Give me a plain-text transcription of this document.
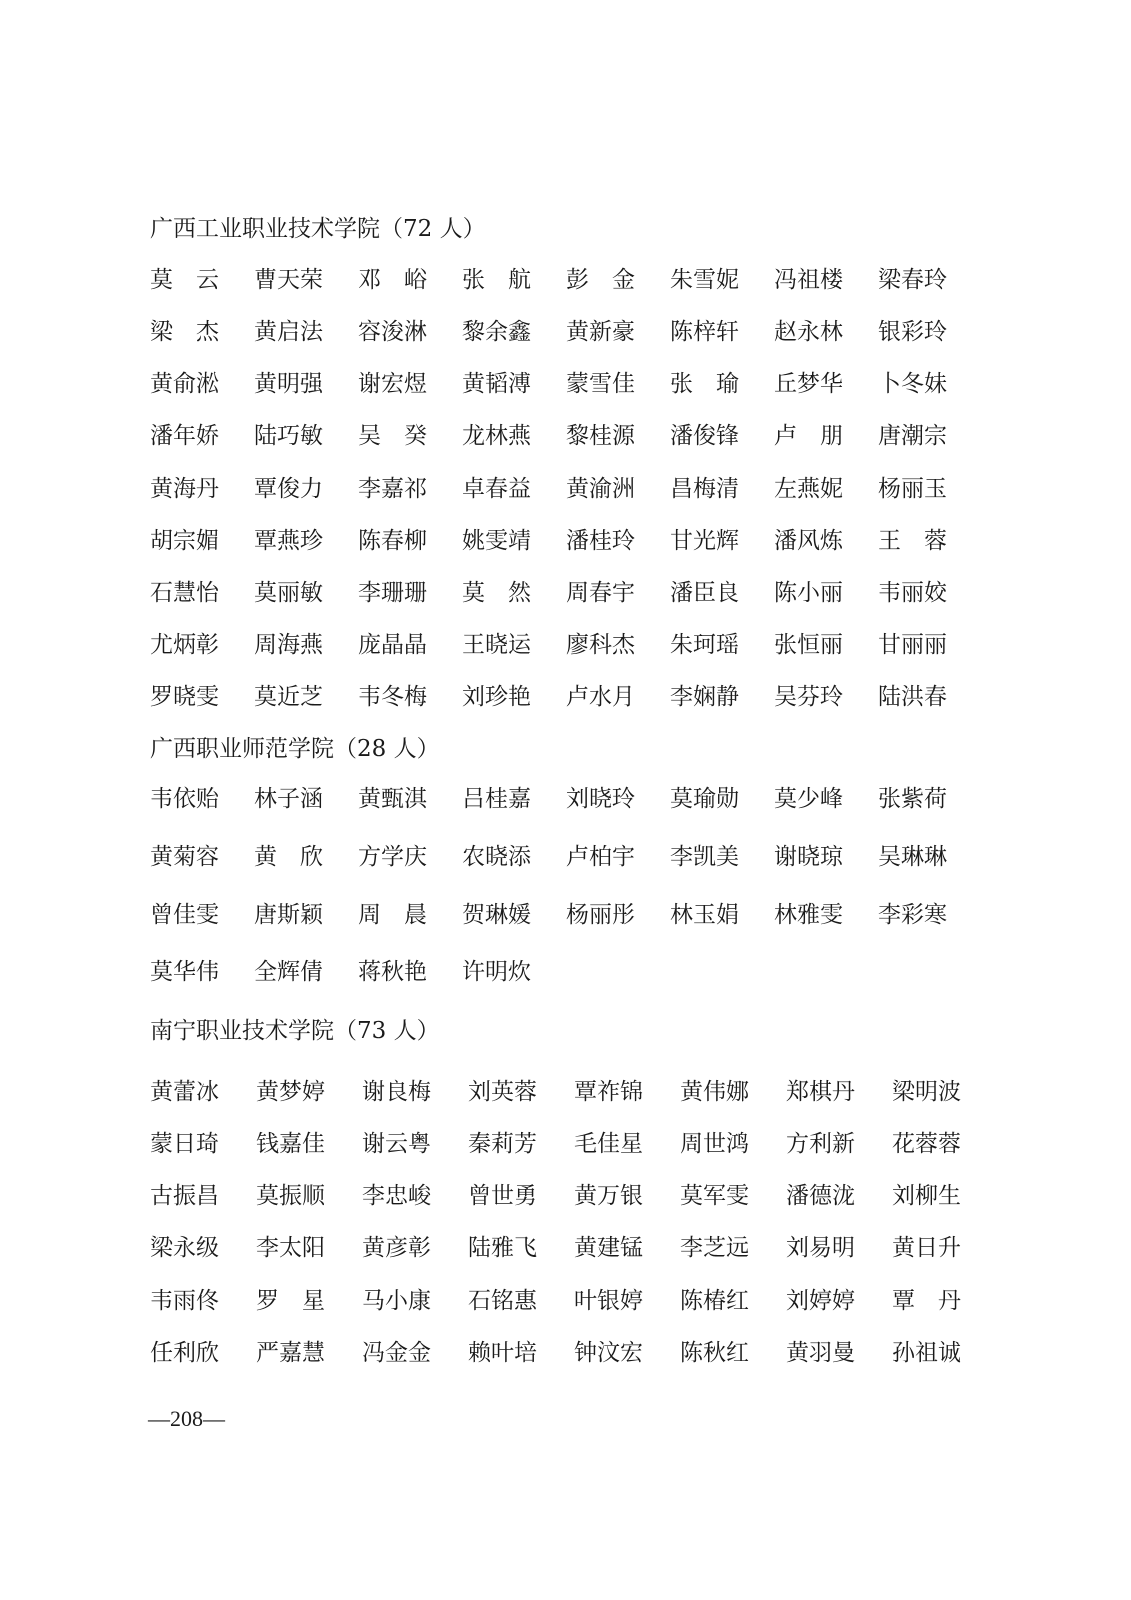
广西工业职业技术学院（72 人）
莫　云 曹天荣 邓　峪 张　航 彭　金 朱雪妮 冯祖楼 梁春玲
梁　杰 黄启法 容浚淋 黎余鑫 黄新豪 陈梓轩 赵永林 银彩玲
黄俞淞 黄明强 谢宏煜 黄韬溥 蒙雪佳 张　瑜 丘梦华 卜冬妹
潘年娇 陆巧敏 吴　癸 龙林燕 黎桂源 潘俊锋 卢　朋 唐潮宗
黄海丹 覃俊力 李嘉祁 卓春益 黄渝洲 昌梅清 左燕妮 杨丽玉
胡宗媚 覃燕珍 陈春柳 姚雯靖 潘桂玲 甘光辉 潘风炼 王　蓉
石慧怡 莫丽敏 李珊珊 莫　然 周春宇 潘臣良 陈小丽 韦丽姣
尤炳彰 周海燕 庞晶晶 王晓运 廖科杰 朱珂瑶 张恒丽 甘丽丽
罗晓雯 莫近芝 韦冬梅 刘珍艳 卢水月 李娴静 吴芬玲 陆洪春
广西职业师范学院（28 人）
韦依贻 林子涵 黄甄淇 吕桂嘉 刘晓玲 莫瑜勋 莫少峰 张紫荷
黄菊容 黄　欣 方学庆 农晓添 卢柏宇 李凯美 谢晓琼 吴琳琳
曾佳雯 唐斯颖 周　晨 贺琳媛 杨丽彤 林玉娟 林雅雯 李彩寒
莫华伟 全辉倩 蒋秋艳 许明炊
南宁职业技术学院（73 人）
黄蕾冰 黄梦婷 谢良梅 刘英蓉 覃祚锦 黄伟娜 郑棋丹 梁明波
蒙日琦 钱嘉佳 谢云粤 秦莉芳 毛佳星 周世鸿 方利新 花蓉蓉
古振昌 莫振顺 李忠峻 曾世勇 黄万银 莫军雯 潘德泷 刘柳生
梁永级 李太阳 黄彦彰 陆雅飞 黄建锰 李芝远 刘易明 黄日升
韦雨佟 罗　星 马小康 石铭惠 叶银婷 陈椿红 刘婷婷 覃　丹
任利欣 严嘉慧 冯金金 赖叶培 钟汶宏 陈秋红 黄羽曼 孙祖诚
—208—
